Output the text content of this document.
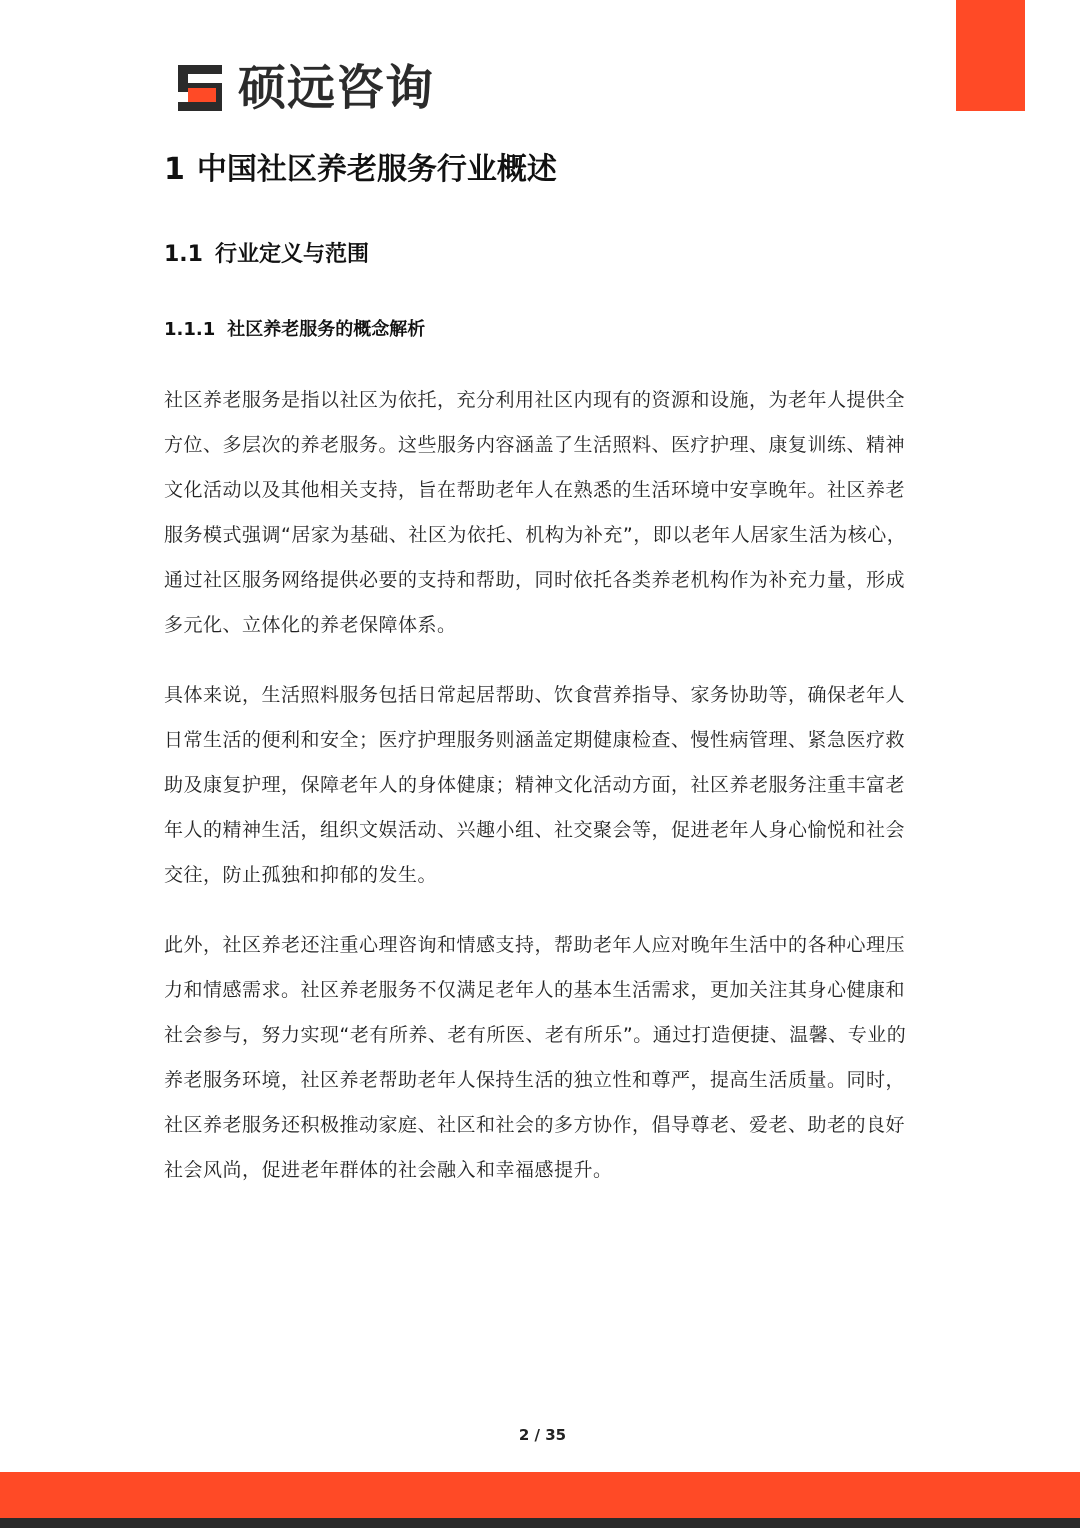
硕远咨询
1 中国社区养老服务行业概述
1.1 行业定义与范围
1.1.1 社区养老服务的概念解析

社区养老服务是指以社区为依托，充分利用社区内现有的资源和设施，为老年人提供全方位、多层次的养老服务。这些服务内容涵盖了生活照料、医疗护理、康复训练、精神文化活动以及其他相关支持，旨在帮助老年人在熟悉的生活环境中安享晚年。社区养老服务模式强调“居家为基础、社区为依托、机构为补充”，即以老年人居家生活为核心，通过社区服务网络提供必要的支持和帮助，同时依托各类养老机构作为补充力量，形成多元化、立体化的养老保障体系。

具体来说，生活照料服务包括日常起居帮助、饮食营养指导、家务协助等，确保老年人日常生活的便利和安全；医疗护理服务则涵盖定期健康检查、慢性病管理、紧急医疗救助及康复护理，保障老年人的身体健康；精神文化活动方面，社区养老服务注重丰富老年人的精神生活，组织文娱活动、兴趣小组、社交聚会等，促进老年人身心愉悦和社会交往，防止孤独和抑郁的发生。

此外，社区养老还注重心理咨询和情感支持，帮助老年人应对晚年生活中的各种心理压力和情感需求。社区养老服务不仅满足老年人的基本生活需求，更加关注其身心健康和社会参与，努力实现“老有所养、老有所医、老有所乐”。通过打造便捷、温馨、专业的养老服务环境，社区养老帮助老年人保持生活的独立性和尊严，提高生活质量。同时，社区养老服务还积极推动家庭、社区和社会的多方协作，倡导尊老、爱老、助老的良好社会风尚，促进老年群体的社会融入和幸福感提升。

2 / 35
